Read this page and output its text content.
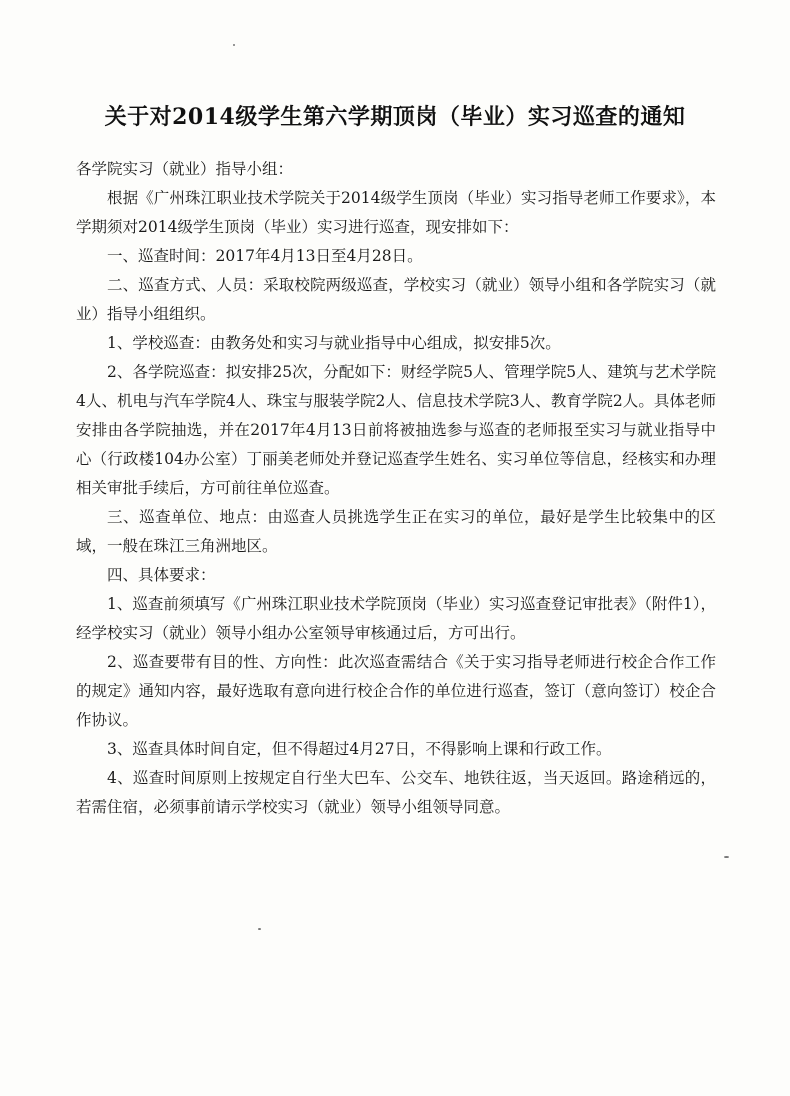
关于对2014级学生第六学期顶岗（毕业）实习巡查的通知

各学院实习（就业）指导小组：

根据《广州珠江职业技术学院关于2014级学生顶岗（毕业）实习指导老师工作要求》，本学期须对2014级学生顶岗（毕业）实习进行巡查，现安排如下：

一、巡查时间：2017年4月13日至4月28日。

二、巡查方式、人员：采取校院两级巡查，学校实习（就业）领导小组和各学院实习（就业）指导小组组织。

1、学校巡查：由教务处和实习与就业指导中心组成，拟安排5次。

2、各学院巡查：拟安排25次，分配如下：财经学院5人、管理学院5人、建筑与艺术学院4人、机电与汽车学院4人、珠宝与服装学院2人、信息技术学院3人、教育学院2人。具体老师安排由各学院抽选，并在2017年4月13日前将被抽选参与巡查的老师报至实习与就业指导中心（行政楼104办公室）丁丽美老师处并登记巡查学生姓名、实习单位等信息，经核实和办理相关审批手续后，方可前往单位巡查。

三、巡查单位、地点：由巡查人员挑选学生正在实习的单位，最好是学生比较集中的区域，一般在珠江三角洲地区。

四、具体要求：

1、巡查前须填写《广州珠江职业技术学院顶岗（毕业）实习巡查登记审批表》（附件1），经学校实习（就业）领导小组办公室领导审核通过后，方可出行。

2、巡查要带有目的性、方向性：此次巡查需结合《关于实习指导老师进行校企合作工作的规定》通知内容，最好选取有意向进行校企合作的单位进行巡查，签订（意向签订）校企合作协议。

3、巡查具体时间自定，但不得超过4月27日，不得影响上课和行政工作。

4、巡查时间原则上按规定自行坐大巴车、公交车、地铁往返，当天返回。路途稍远的，若需住宿，必须事前请示学校实习（就业）领导小组领导同意。
